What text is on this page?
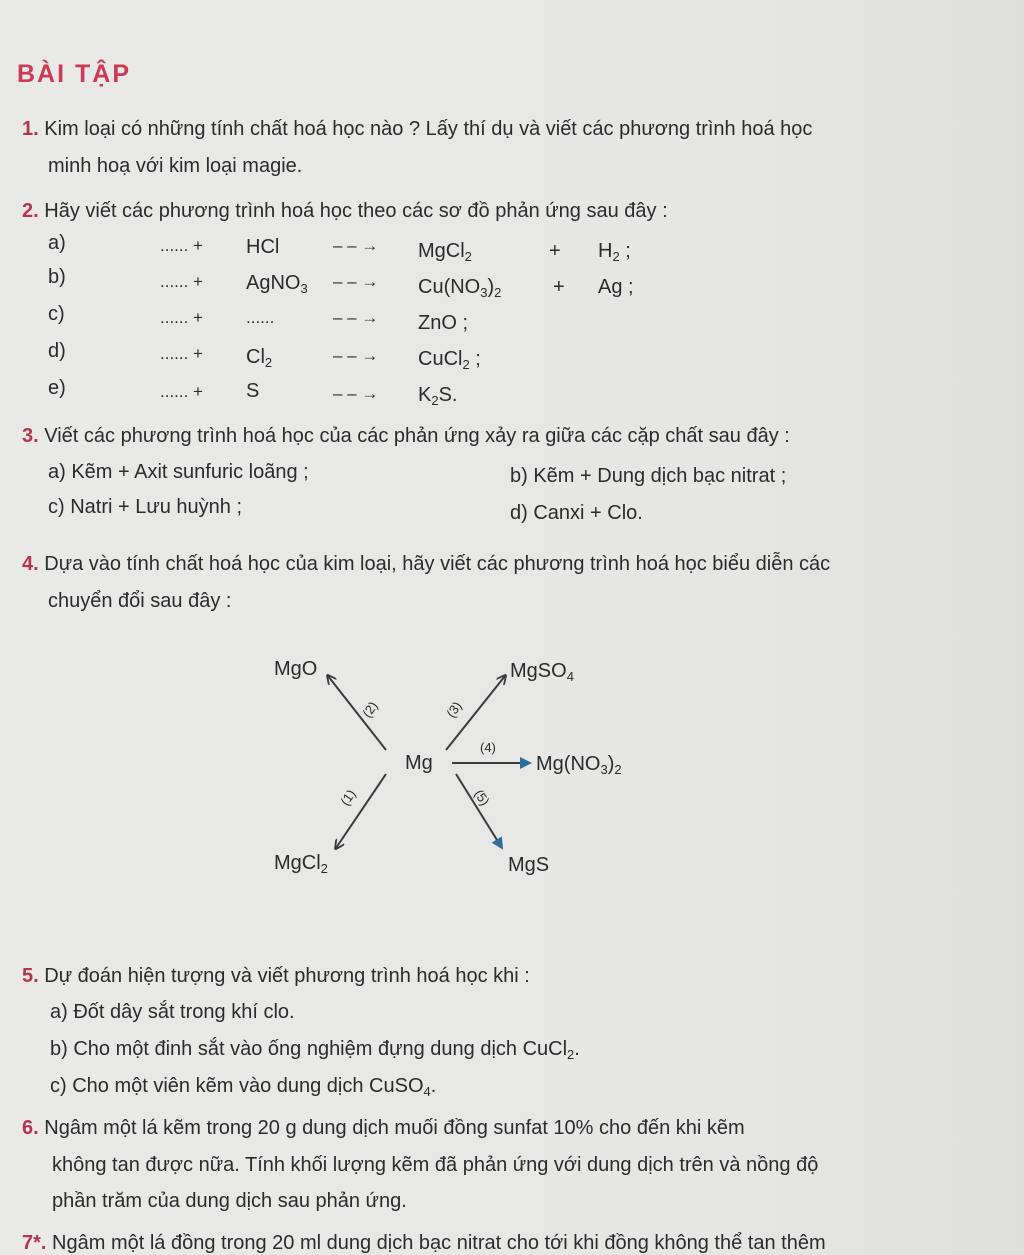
BÀI TẬP
1. Kim loại có những tính chất hoá học nào ? Lấy thí dụ và viết các phương trình hoá học
minh hoạ với kim loại magie.
2. Hãy viết các phương trình hoá học theo các sơ đồ phản ứng sau đây :
a)	...... + HCl	– – → MgCl$_2$	+ $H_2$ ;
b)	...... + AgNO$_3$ – – → $Cu(NO_3)_2$	+ Ag ;
c)	...... +	......	– – → ZnO ;
d)	...... + $Cl_2$	– – → CuCl$_2$ ;
e)	...... + S	– – → $K_2S$.
3. Viết các phương trình hoá học của các phản ứng xảy ra giữa các cặp chất sau đây :
a) Kẽm + Axit sunfuric loãng ;	b) Kẽm + Dung dịch bạc nitrat ;
c) Natri + Lưu huỳnh ;	d) Canxi + Clo.
4. Dựa vào tính chất hoá học của kim loại, hãy viết các phương trình hoá học biểu diễn các
chuyển đổi sau đây :
MgO	MgSO$_4$
Mg	$Mg(NO_3)_2$
MgCl$_2$	MgS
(2)	(3)
(4)
(1)	(5)
5. Dự đoán hiện tượng và viết phương trình hoá học khi :
a) Đốt dây sắt trong khí clo.
b) Cho một đinh sắt vào ống nghiệm đựng dung dịch CuCl$_2$.
c) Cho một viên kẽm vào dung dịch CuSO$_4$.
6. Ngâm một lá kẽm trong 20 g dung dịch muối đồng sunfat 10% cho đến khi kẽm
không tan được nữa. Tính khối lượng kẽm đã phản ứng với dung dịch trên và nồng độ
phần trăm của dung dịch sau phản ứng.
7*. Ngâm một lá đồng trong 20 ml dung dịch bạc nitrat cho tới khi đồng không thể tan thêm
